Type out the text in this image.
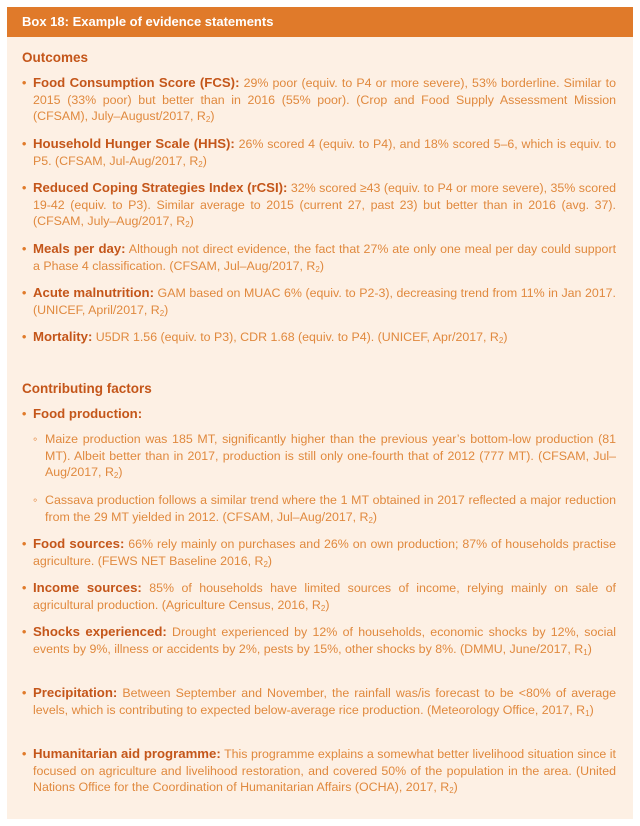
Box 18: Example of evidence statements
Outcomes
• Food Consumption Score (FCS): 29% poor (equiv. to P4 or more severe), 53% borderline. Similar to 2015 (33% poor) but better than in 2016 (55% poor). (Crop and Food Supply Assessment Mission (CFSAM), July–August/2017, R2)
• Household Hunger Scale (HHS): 26% scored 4 (equiv. to P4), and 18% scored 5–6, which is equiv. to P5. (CFSAM, Jul-Aug/2017, R2)
• Reduced Coping Strategies Index (rCSI): 32% scored ≥43 (equiv. to P4 or more severe), 35% scored 19-42 (equiv. to P3). Similar average to 2015 (current 27, past 23) but better than in 2016 (avg. 37). (CFSAM, July–Aug/2017, R2)
• Meals per day: Although not direct evidence, the fact that 27% ate only one meal per day could support a Phase 4 classification. (CFSAM, Jul–Aug/2017, R2)
• Acute malnutrition: GAM based on MUAC 6% (equiv. to P2-3), decreasing trend from 11% in Jan 2017. (UNICEF, April/2017, R2)
• Mortality: U5DR 1.56 (equiv. to P3), CDR 1.68 (equiv. to P4). (UNICEF, Apr/2017, R2)
Contributing factors
• Food production:
◦ Maize production was 185 MT, significantly higher than the previous year’s bottom-low production (81 MT). Albeit better than in 2017, production is still only one-fourth that of 2012 (777 MT). (CFSAM, Jul–Aug/2017, R2)
◦ Cassava production follows a similar trend where the 1 MT obtained in 2017 reflected a major reduction from the 29 MT yielded in 2012. (CFSAM, Jul–Aug/2017, R2)
• Food sources: 66% rely mainly on purchases and 26% on own production; 87% of households practise agriculture. (FEWS NET Baseline 2016, R2)
• Income sources: 85% of households have limited sources of income, relying mainly on sale of agricultural production. (Agriculture Census, 2016, R2)
• Shocks experienced: Drought experienced by 12% of households, economic shocks by 12%, social events by 9%, illness or accidents by 2%, pests by 15%, other shocks by 8%. (DMMU, June/2017, R1)
• Precipitation: Between September and November, the rainfall was/is forecast to be <80% of average levels, which is contributing to expected below-average rice production. (Meteorology Office, 2017, R1)
• Humanitarian aid programme: This programme explains a somewhat better livelihood situation since it focused on agriculture and livelihood restoration, and covered 50% of the population in the area. (United Nations Office for the Coordination of Humanitarian Affairs (OCHA), 2017, R2)
